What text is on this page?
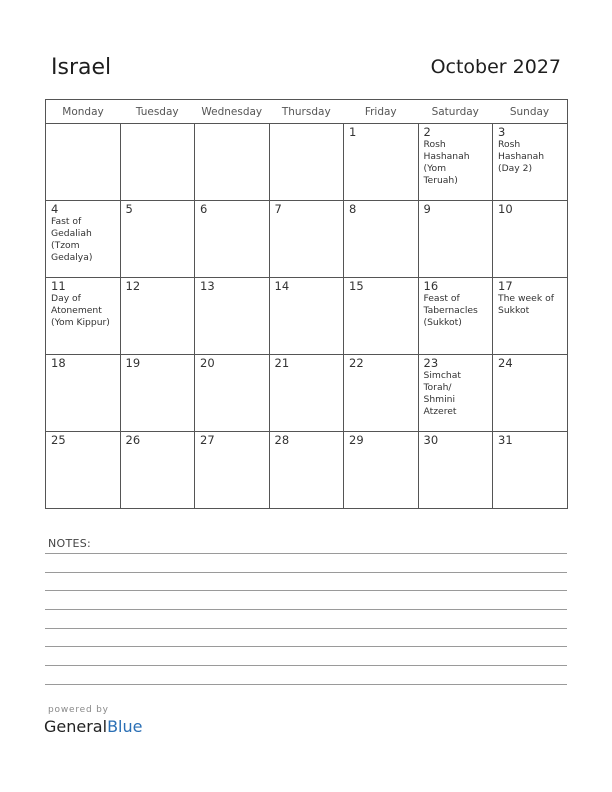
Israel	October 2027
Monday	Tuesday	Wednesday	Thursday	Friday	Saturday	Sunday

				1	2
Rosh
Hashanah
(Yom
Teruah)	3
Rosh
Hashanah
(Day 2)

4
Fast of
Gedaliah
(Tzom
Gedalya)	5	6	7	8	9	10

11
Day of
Atonement
(Yom Kippur)	12	13	14	15	16
Feast of
Tabernacles
(Sukkot)	17
The week of
Sukkot

18	19	20	21	22	23
Simchat
Torah/
Shmini
Atzeret	24

25	26	27	28	29	30	31
NOTES:
powered by
GeneralBlue
